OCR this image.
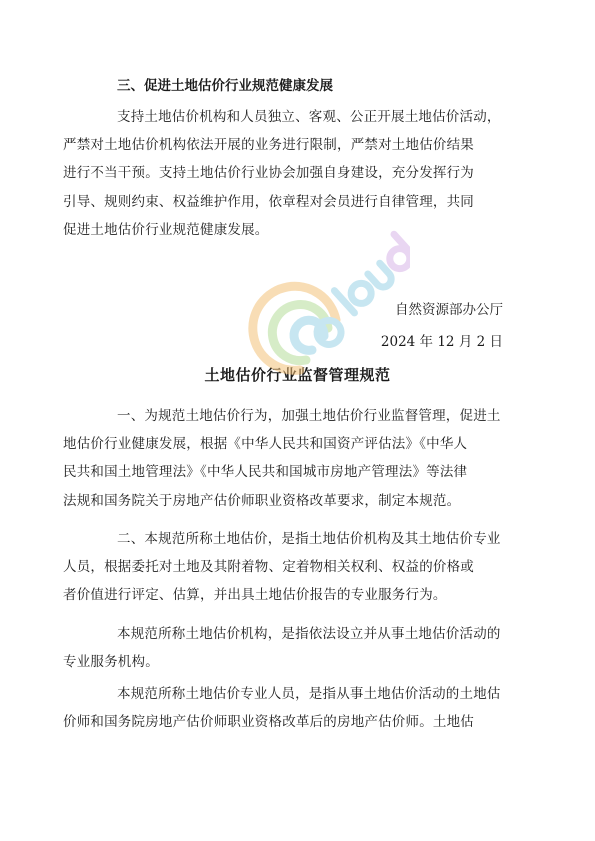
三、促进土地估价行业规范健康发展
支持土地估价机构和人员独立、客观、公正开展土地估价活动，
严禁对土地估价机构依法开展的业务进行限制，严禁对土地估价结果
进行不当干预。支持土地估价行业协会加强自身建设，充分发挥行为
引导、规则约束、权益维护作用，依章程对会员进行自律管理，共同
促进土地估价行业规范健康发展。
自然资源部办公厅
2024 年 12 月 2 日
土地估价行业监督管理规范
一、为规范土地估价行为，加强土地估价行业监督管理，促进土
地估价行业健康发展，根据《中华人民共和国资产评估法》《中华人
民共和国土地管理法》《中华人民共和国城市房地产管理法》等法律
法规和国务院关于房地产估价师职业资格改革要求，制定本规范。
二、本规范所称土地估价，是指土地估价机构及其土地估价专业
人员，根据委托对土地及其附着物、定着物相关权利、权益的价格或
者价值进行评定、估算，并出具土地估价报告的专业服务行为。
本规范所称土地估价机构，是指依法设立并从事土地估价活动的
专业服务机构。
本规范所称土地估价专业人员，是指从事土地估价活动的土地估
价师和国务院房地产估价师职业资格改革后的房地产估价师。土地估
